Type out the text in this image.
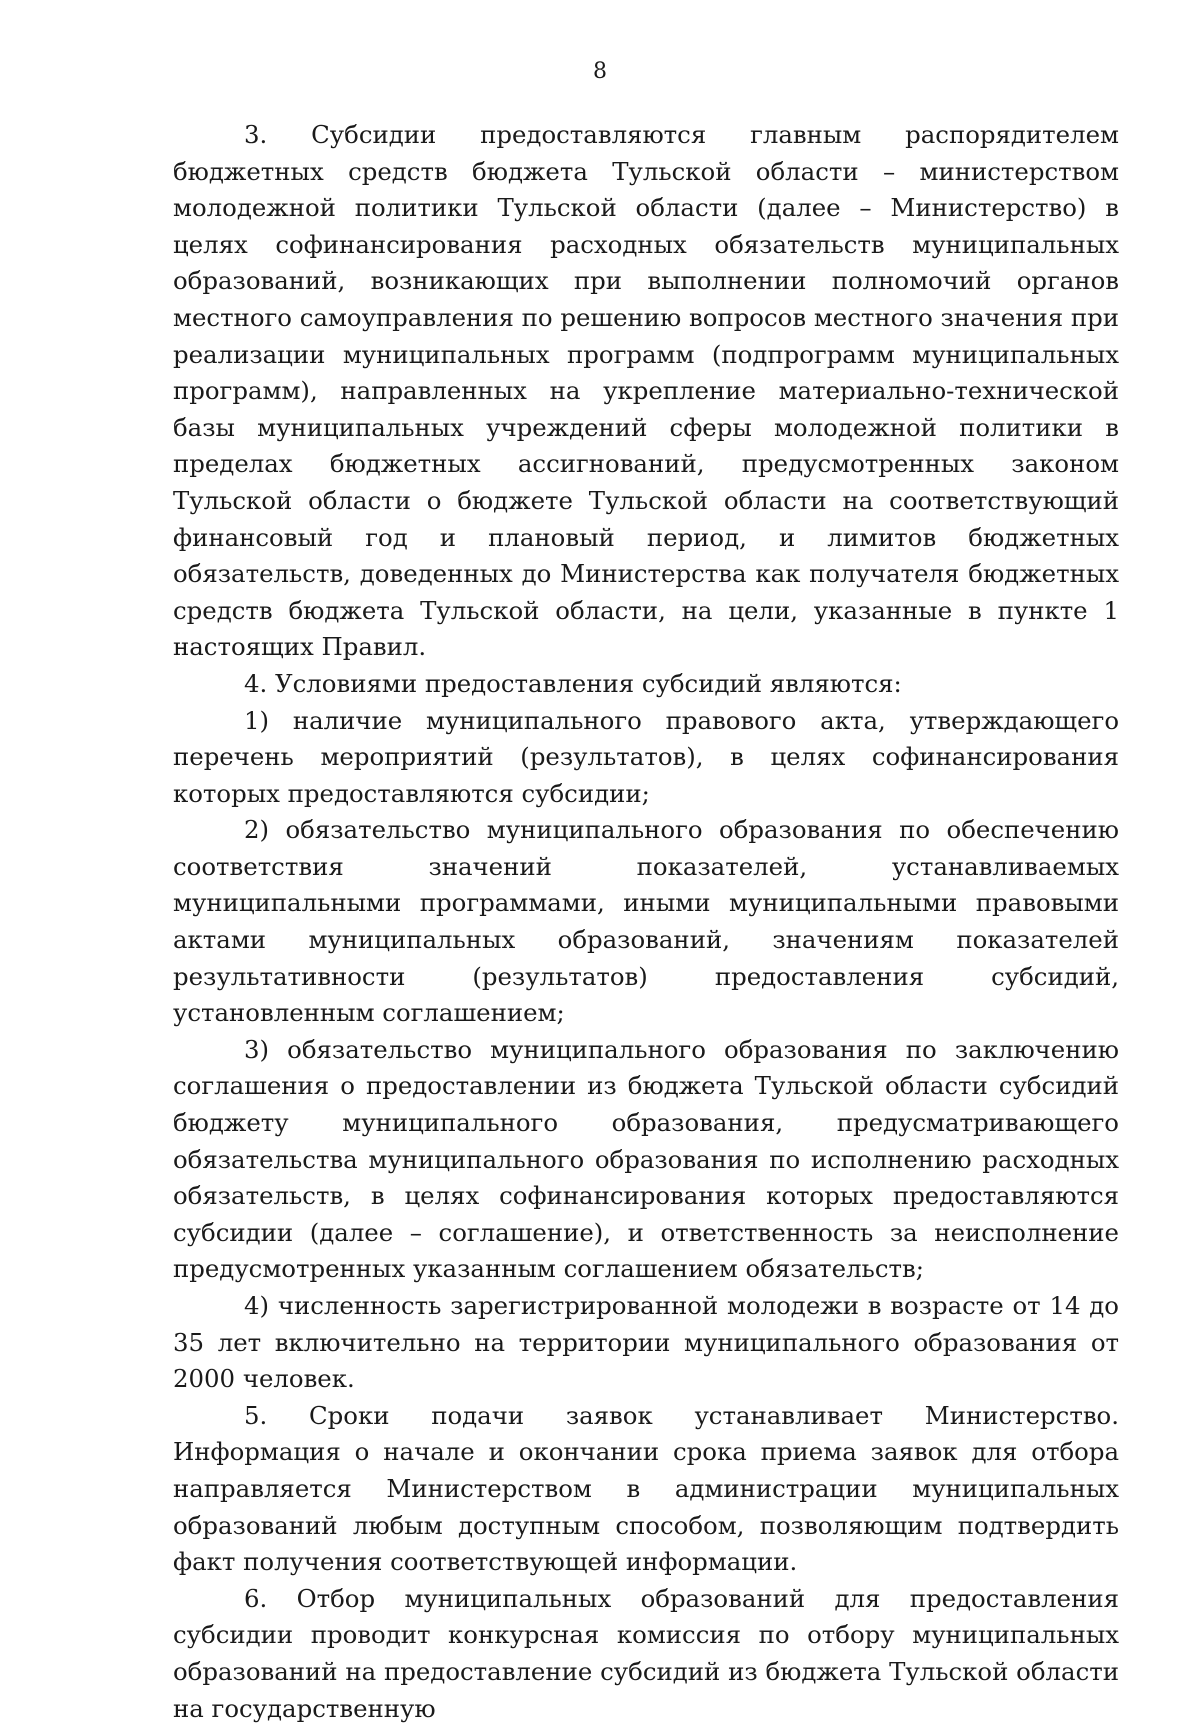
8

3. Субсидии предоставляются главным распорядителем бюджетных средств бюджета Тульской области – министерством молодежной политики Тульской области (далее – Министерство) в целях софинансирования расходных обязательств муниципальных образований, возникающих при выполнении полномочий органов местного самоуправления по решению вопросов местного значения при реализации муниципальных программ (подпрограмм муниципальных программ), направленных на укрепление материально-технической базы муниципальных учреждений сферы молодежной политики в пределах бюджетных ассигнований, предусмотренных законом Тульской области о бюджете Тульской области на соответствующий финансовый год и плановый период, и лимитов бюджетных обязательств, доведенных до Министерства как получателя бюджетных средств бюджета Тульской области, на цели, указанные в пункте 1 настоящих Правил.

4. Условиями предоставления субсидий являются:

1) наличие муниципального правового акта, утверждающего перечень мероприятий (результатов), в целях софинансирования которых предоставляются субсидии;

2) обязательство муниципального образования по обеспечению соответствия значений показателей, устанавливаемых муниципальными программами, иными муниципальными правовыми актами муниципальных образований, значениям показателей результативности (результатов) предоставления субсидий, установленным соглашением;

3) обязательство муниципального образования по заключению соглашения о предоставлении из бюджета Тульской области субсидий бюджету муниципального образования, предусматривающего обязательства муниципального образования по исполнению расходных обязательств, в целях софинансирования которых предоставляются субсидии (далее – соглашение), и ответственность за неисполнение предусмотренных указанным соглашением обязательств;

4) численность зарегистрированной молодежи в возрасте от 14 до 35 лет включительно на территории муниципального образования от 2000 человек.

5. Сроки подачи заявок устанавливает Министерство. Информация о начале и окончании срока приема заявок для отбора направляется Министерством в администрации муниципальных образований любым доступным способом, позволяющим подтвердить факт получения соответствующей информации.

6. Отбор муниципальных образований для предоставления субсидии проводит конкурсная комиссия по отбору муниципальных образований на предоставление субсидий из бюджета Тульской области на государственную
